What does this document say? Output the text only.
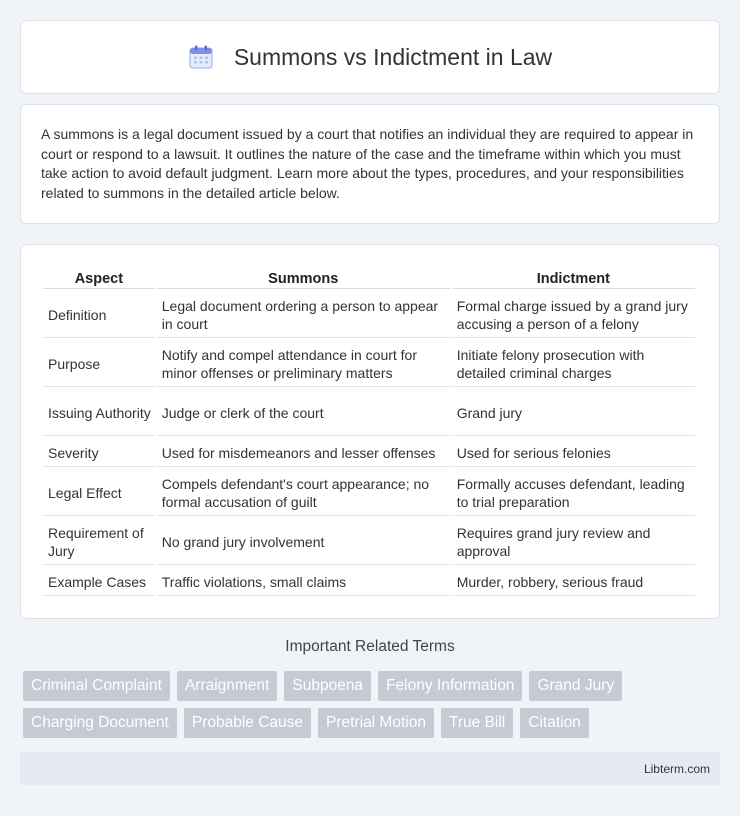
Summons vs Indictment in Law

A summons is a legal document issued by a court that notifies an individual they are required to appear in court or respond to a lawsuit. It outlines the nature of the case and the timeframe within which you must take action to avoid default judgment. Learn more about the types, procedures, and your responsibilities related to summons in the detailed article below.

Aspect	Summons	Indictment
Definition	Legal document ordering a person to appear in court	Formal charge issued by a grand jury accusing a person of a felony
Purpose	Notify and compel attendance in court for minor offenses or preliminary matters	Initiate felony prosecution with detailed criminal charges
Issuing Authority	Judge or clerk of the court	Grand jury
Severity	Used for misdemeanors and lesser offenses	Used for serious felonies
Legal Effect	Compels defendant's court appearance; no formal accusation of guilt	Formally accuses defendant, leading to trial preparation
Requirement of Jury	No grand jury involvement	Requires grand jury review and approval
Example Cases	Traffic violations, small claims	Murder, robbery, serious fraud
Important Related Terms
Criminal Complaint	Arraignment	Subpoena	Felony Information	Grand Jury
Charging Document	Probable Cause	Pretrial Motion	True Bill	Citation
Libterm.com
